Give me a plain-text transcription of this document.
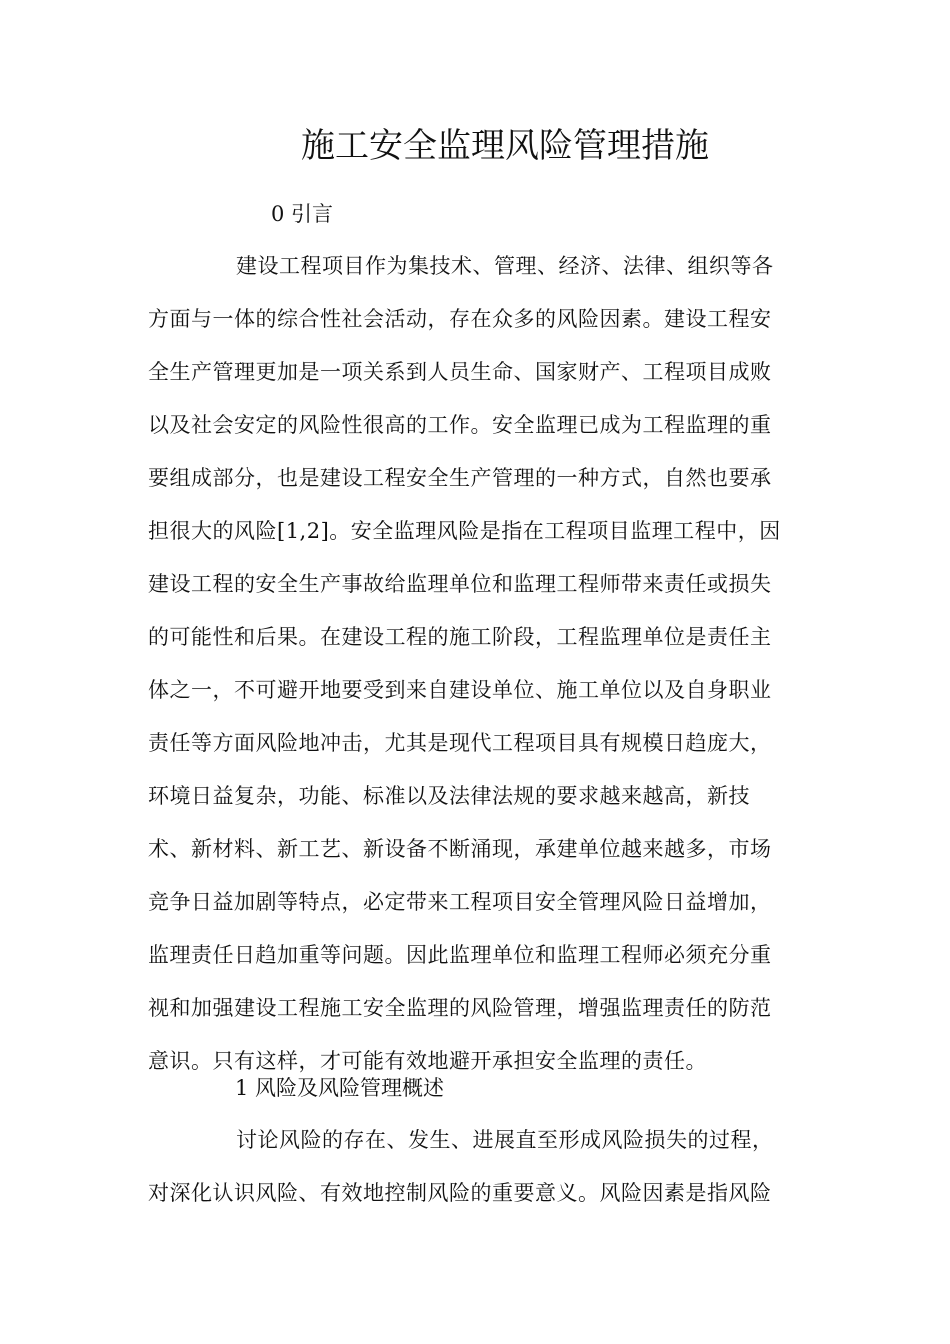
施工安全监理风险管理措施
0 引言
建设工程项目作为集技术、管理、经济、法律、组织等各
方面与一体的综合性社会活动，存在众多的风险因素。建设工程安
全生产管理更加是一项关系到人员生命、国家财产、工程项目成败
以及社会安定的风险性很高的工作。安全监理已成为工程监理的重
要组成部分，也是建设工程安全生产管理的一种方式，自然也要承
担很大的风险[1,2]。安全监理风险是指在工程项目监理工程中，因
建设工程的安全生产事故给监理单位和监理工程师带来责任或损失
的可能性和后果。在建设工程的施工阶段，工程监理单位是责任主
体之一，不可避开地要受到来自建设单位、施工单位以及自身职业
责任等方面风险地冲击，尤其是现代工程项目具有规模日趋庞大，
环境日益复杂，功能、标准以及法律法规的要求越来越高，新技
术、新材料、新工艺、新设备不断涌现，承建单位越来越多，市场
竞争日益加剧等特点，必定带来工程项目安全管理风险日益增加，
监理责任日趋加重等问题。因此监理单位和监理工程师必须充分重
视和加强建设工程施工安全监理的风险管理，增强监理责任的防范
意识。只有这样，才可能有效地避开承担安全监理的责任。
1 风险及风险管理概述
讨论风险的存在、发生、进展直至形成风险损失的过程，
对深化认识风险、有效地控制风险的重要意义。风险因素是指风险
